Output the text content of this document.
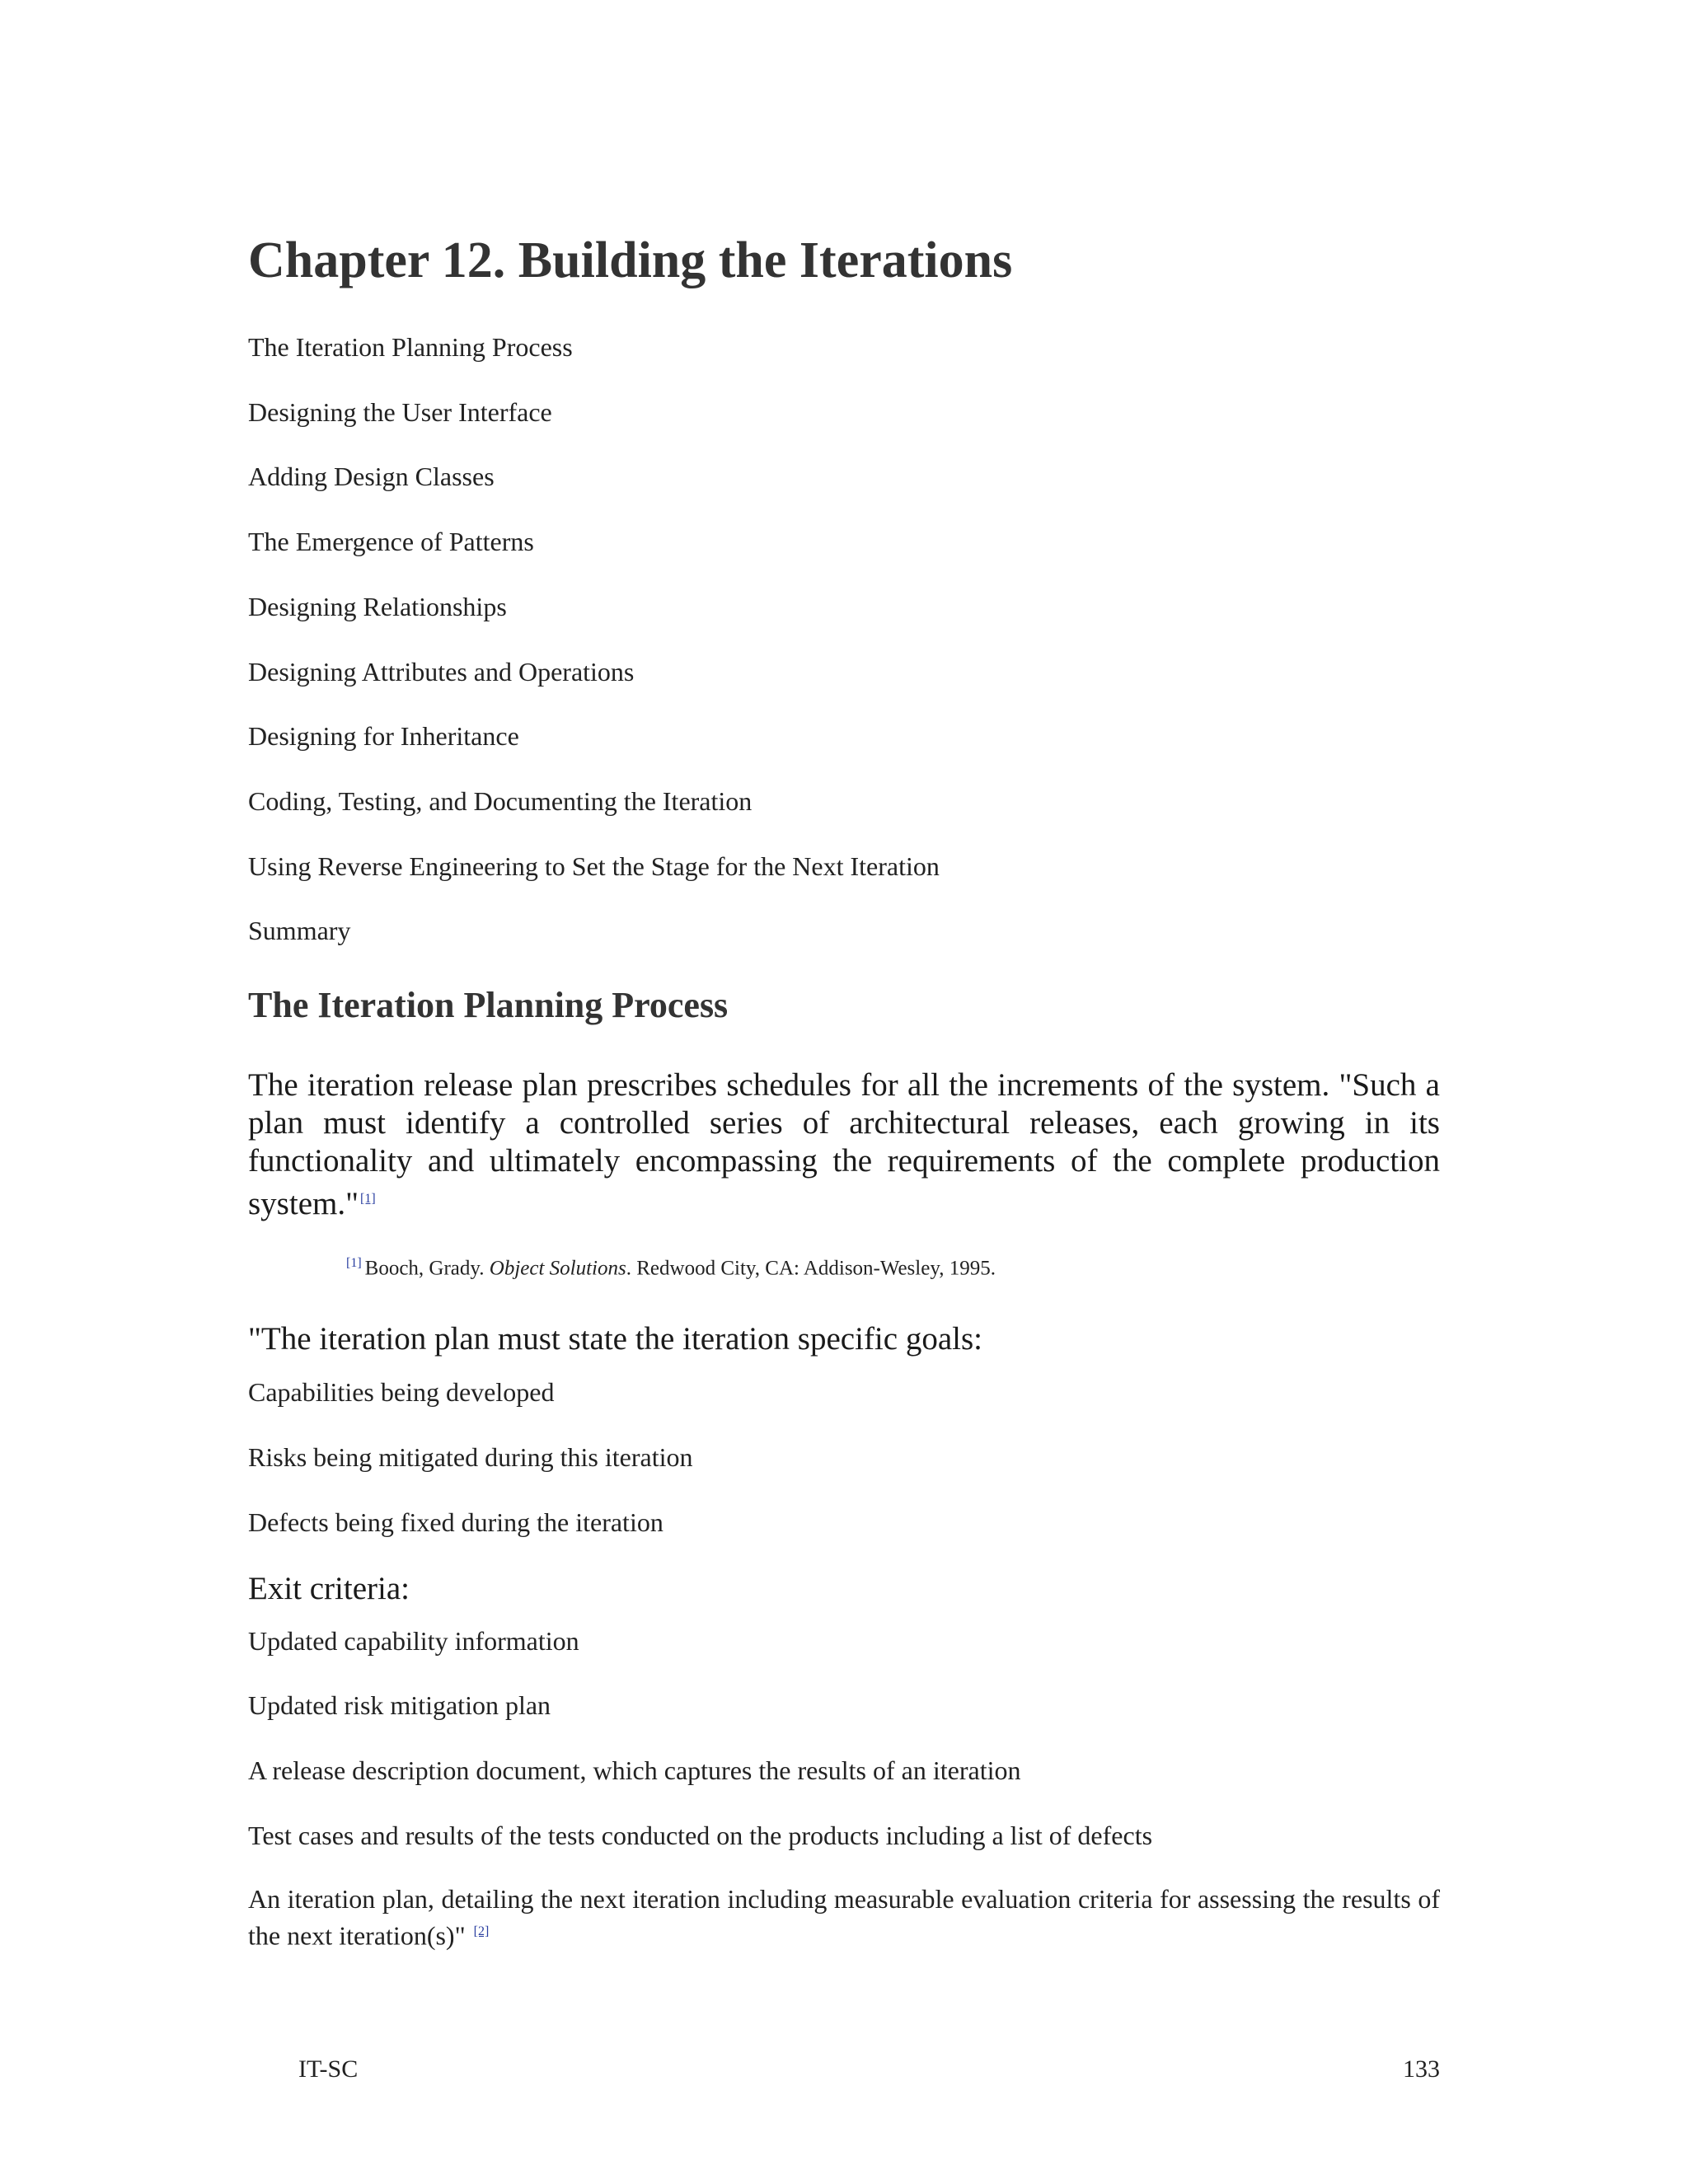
Chapter 12. Building the Iterations
The Iteration Planning Process
Designing the User Interface
Adding Design Classes
The Emergence of Patterns
Designing Relationships
Designing Attributes and Operations
Designing for Inheritance
Coding, Testing, and Documenting the Iteration
Using Reverse Engineering to Set the Stage for the Next Iteration
Summary
The Iteration Planning Process
The iteration release plan prescribes schedules for all the increments of the system. "Such a plan must identify a controlled series of architectural releases, each growing in its functionality and ultimately encompassing the requirements of the complete production system." [1]
[1] Booch, Grady. Object Solutions. Redwood City, CA: Addison-Wesley, 1995.
"The iteration plan must state the iteration specific goals:
Capabilities being developed
Risks being mitigated during this iteration
Defects being fixed during the iteration
Exit criteria:
Updated capability information
Updated risk mitigation plan
A release description document, which captures the results of an iteration
Test cases and results of the tests conducted on the products including a list of defects
An iteration plan, detailing the next iteration including measurable evaluation criteria for assessing the results of the next iteration(s)" [2]
IT-SC	133
